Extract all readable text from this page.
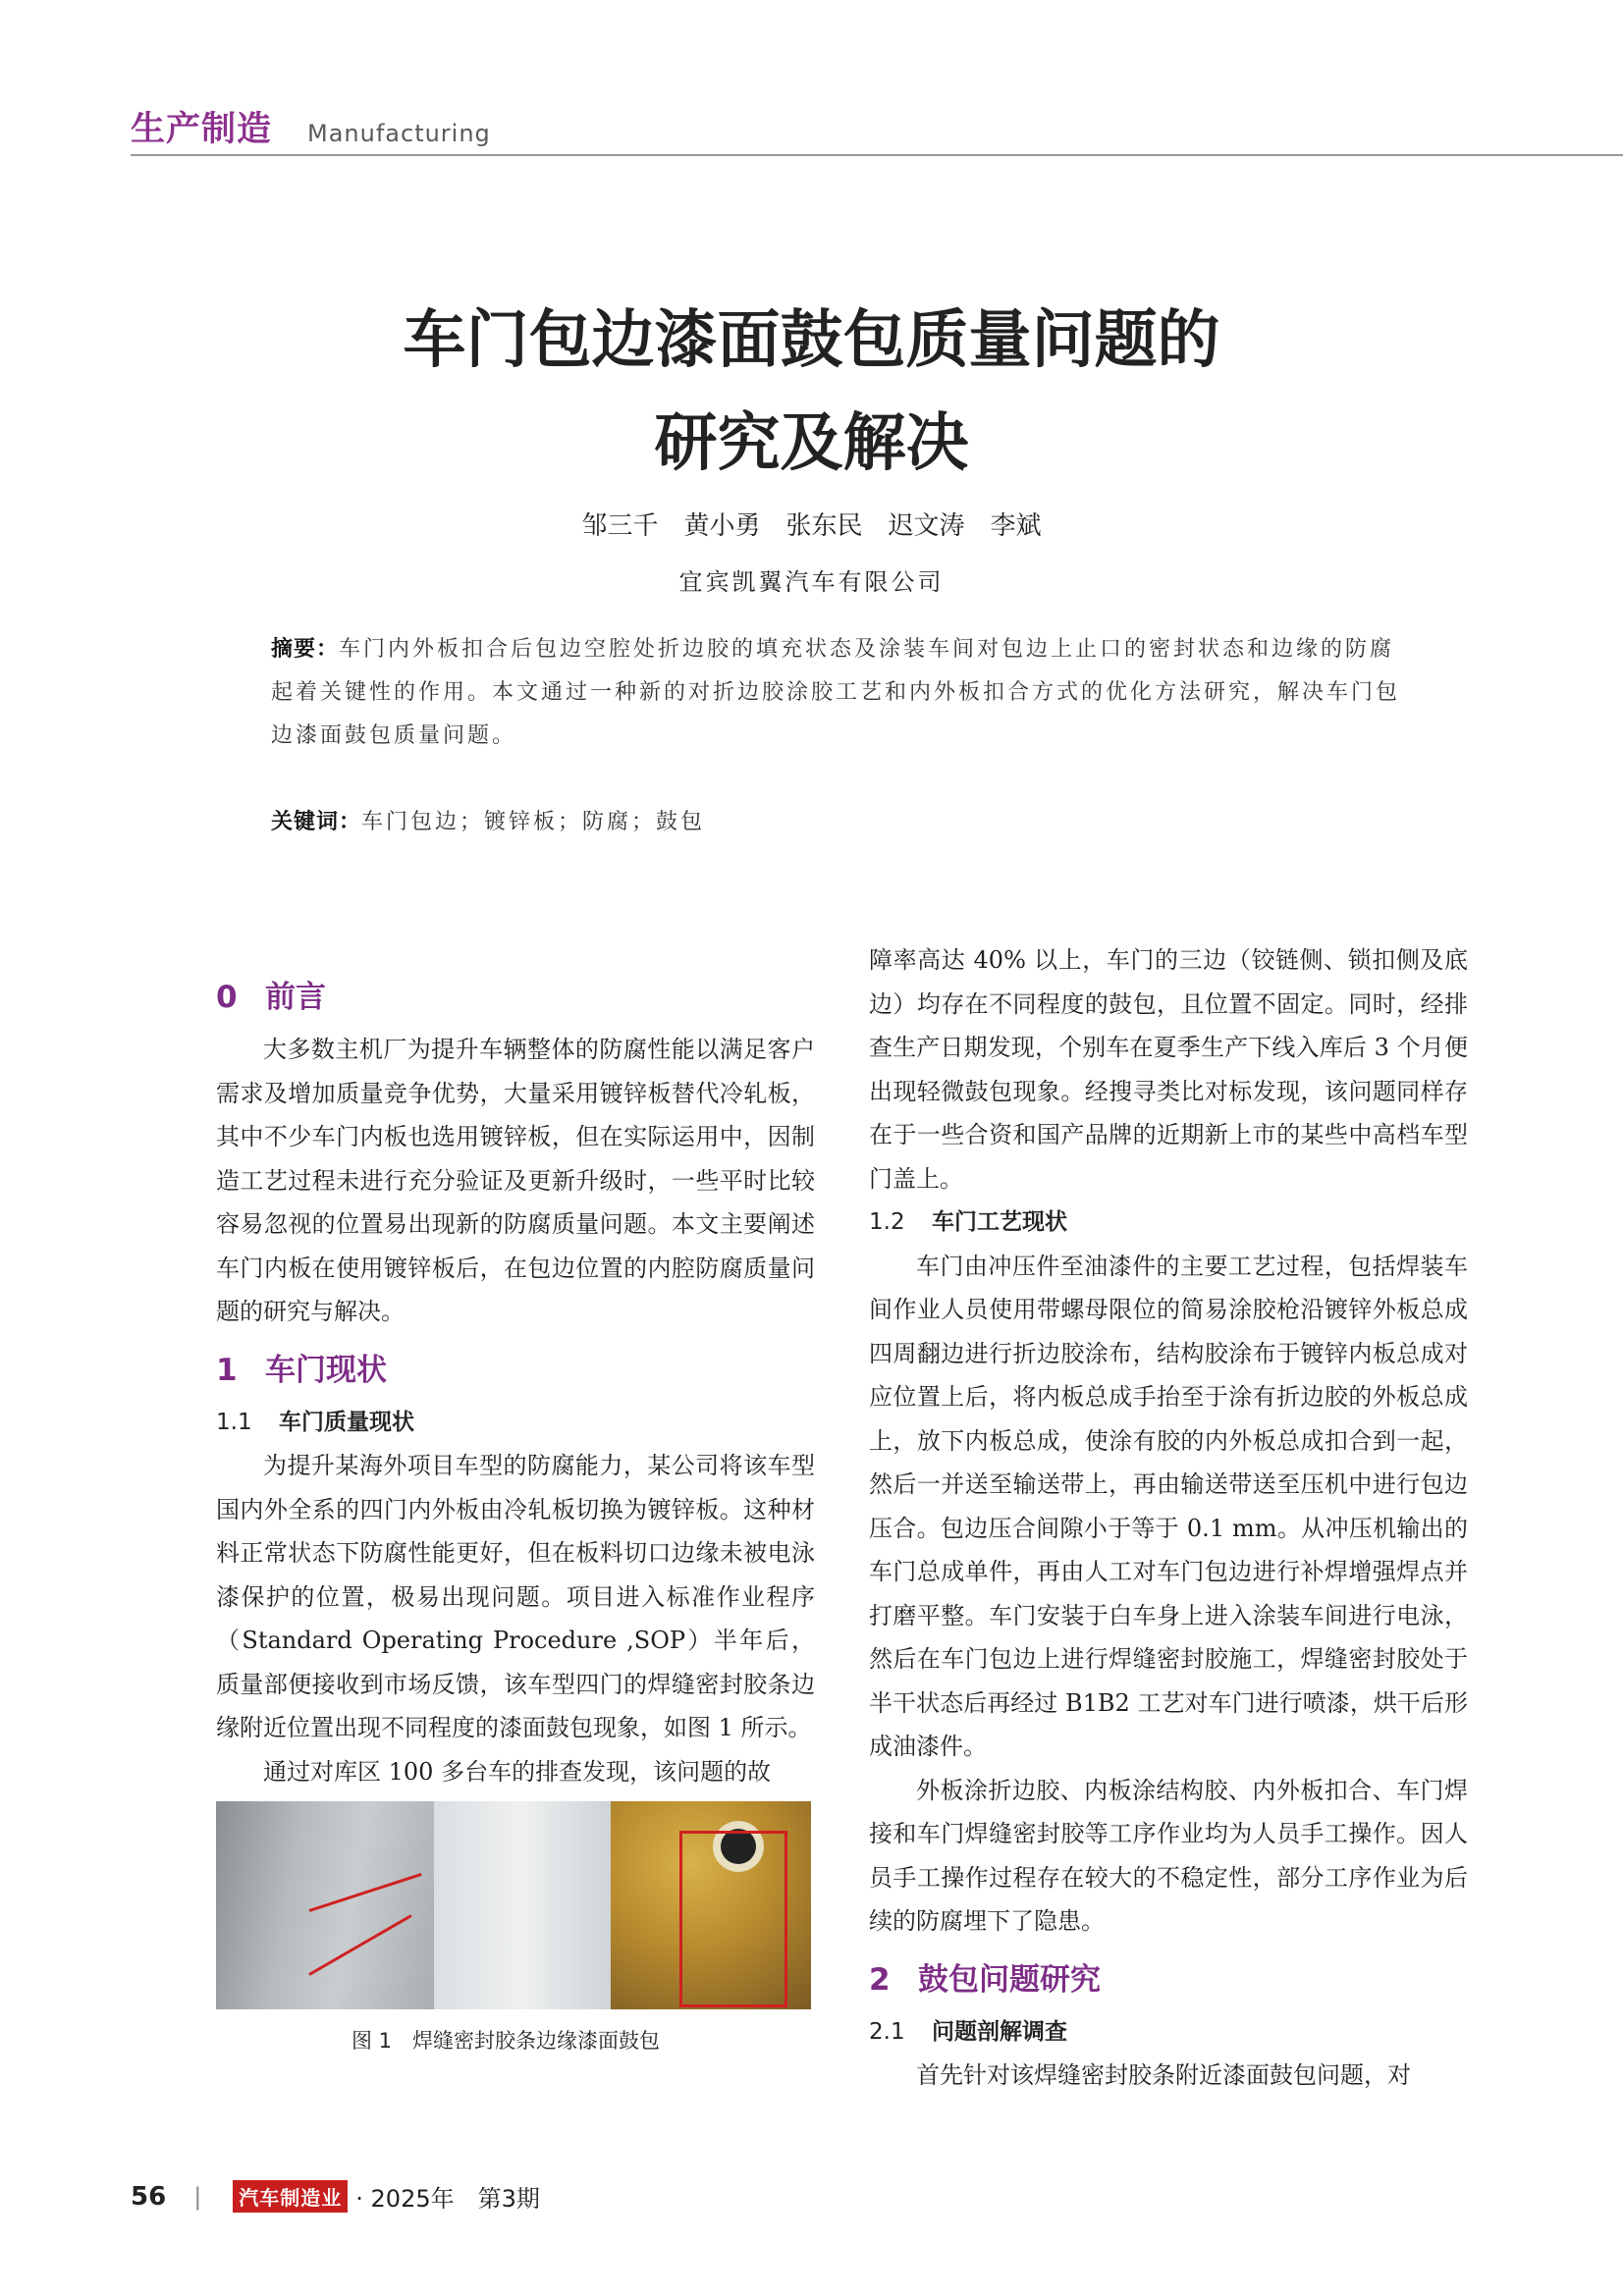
生产制造 Manufacturing
车门包边漆面鼓包质量问题的
研究及解决
邹三千　黄小勇　张东民　迟文涛　李斌
宜宾凯翼汽车有限公司
摘要：车门内外板扣合后包边空腔处折边胶的填充状态及涂装车间对包边上止口的密封状态和边缘的防腐起着关键性的作用。本文通过一种新的对折边胶涂胶工艺和内外板扣合方式的优化方法研究，解决车门包边漆面鼓包质量问题。
关键词：车门包边；镀锌板；防腐；鼓包
0 前言

大多数主机厂为提升车辆整体的防腐性能以满足客户需求及增加质量竞争优势，大量采用镀锌板替代冷轧板，其中不少车门内板也选用镀锌板，但在实际运用中，因制造工艺过程未进行充分验证及更新升级时，一些平时比较容易忽视的位置易出现新的防腐质量问题。本文主要阐述车门内板在使用镀锌板后，在包边位置的内腔防腐质量问题的研究与解决。

1 车门现状
1.1 车门质量现状

为提升某海外项目车型的防腐能力，某公司将该车型国内外全系的四门内外板由冷轧板切换为镀锌板。这种材料正常状态下防腐性能更好，但在板料切口边缘未被电泳漆保护的位置，极易出现问题。项目进入标准作业程序（Standard Operating Procedure ,SOP）半年后，质量部便接收到市场反馈，该车型四门的焊缝密封胶条边缘附近位置出现不同程度的漆面鼓包现象，如图 1 所示。

通过对库区 100 多台车的排查发现，该问题的故

图 1　焊缝密封胶条边缘漆面鼓包

障率高达 40% 以上，车门的三边（铰链侧、锁扣侧及底边）均存在不同程度的鼓包，且位置不固定。同时，经排查生产日期发现，个别车在夏季生产下线入库后 3 个月便出现轻微鼓包现象。经搜寻类比对标发现，该问题同样存在于一些合资和国产品牌的近期新上市的某些中高档车型门盖上。

1.2 车门工艺现状

车门由冲压件至油漆件的主要工艺过程，包括焊装车间作业人员使用带螺母限位的简易涂胶枪沿镀锌外板总成四周翻边进行折边胶涂布，结构胶涂布于镀锌内板总成对应位置上后，将内板总成手抬至于涂有折边胶的外板总成上，放下内板总成，使涂有胶的内外板总成扣合到一起，然后一并送至输送带上，再由输送带送至压机中进行包边压合。包边压合间隙小于等于 0.1 mm。从冲压机输出的车门总成单件，再由人工对车门包边进行补焊增强焊点并打磨平整。车门安装于白车身上进入涂装车间进行电泳，然后在车门包边上进行焊缝密封胶施工，焊缝密封胶处于半干状态后再经过 B1B2 工艺对车门进行喷漆，烘干后形成油漆件。

外板涂折边胶、内板涂结构胶、内外板扣合、车门焊接和车门焊缝密封胶等工序作业均为人员手工操作。因人员手工操作过程存在较大的不稳定性，部分工序作业为后续的防腐埋下了隐患。

2 鼓包问题研究
2.1 问题剖解调查

首先针对该焊缝密封胶条附近漆面鼓包问题，对

56 |	汽车制造业 · 2025年　第3期
